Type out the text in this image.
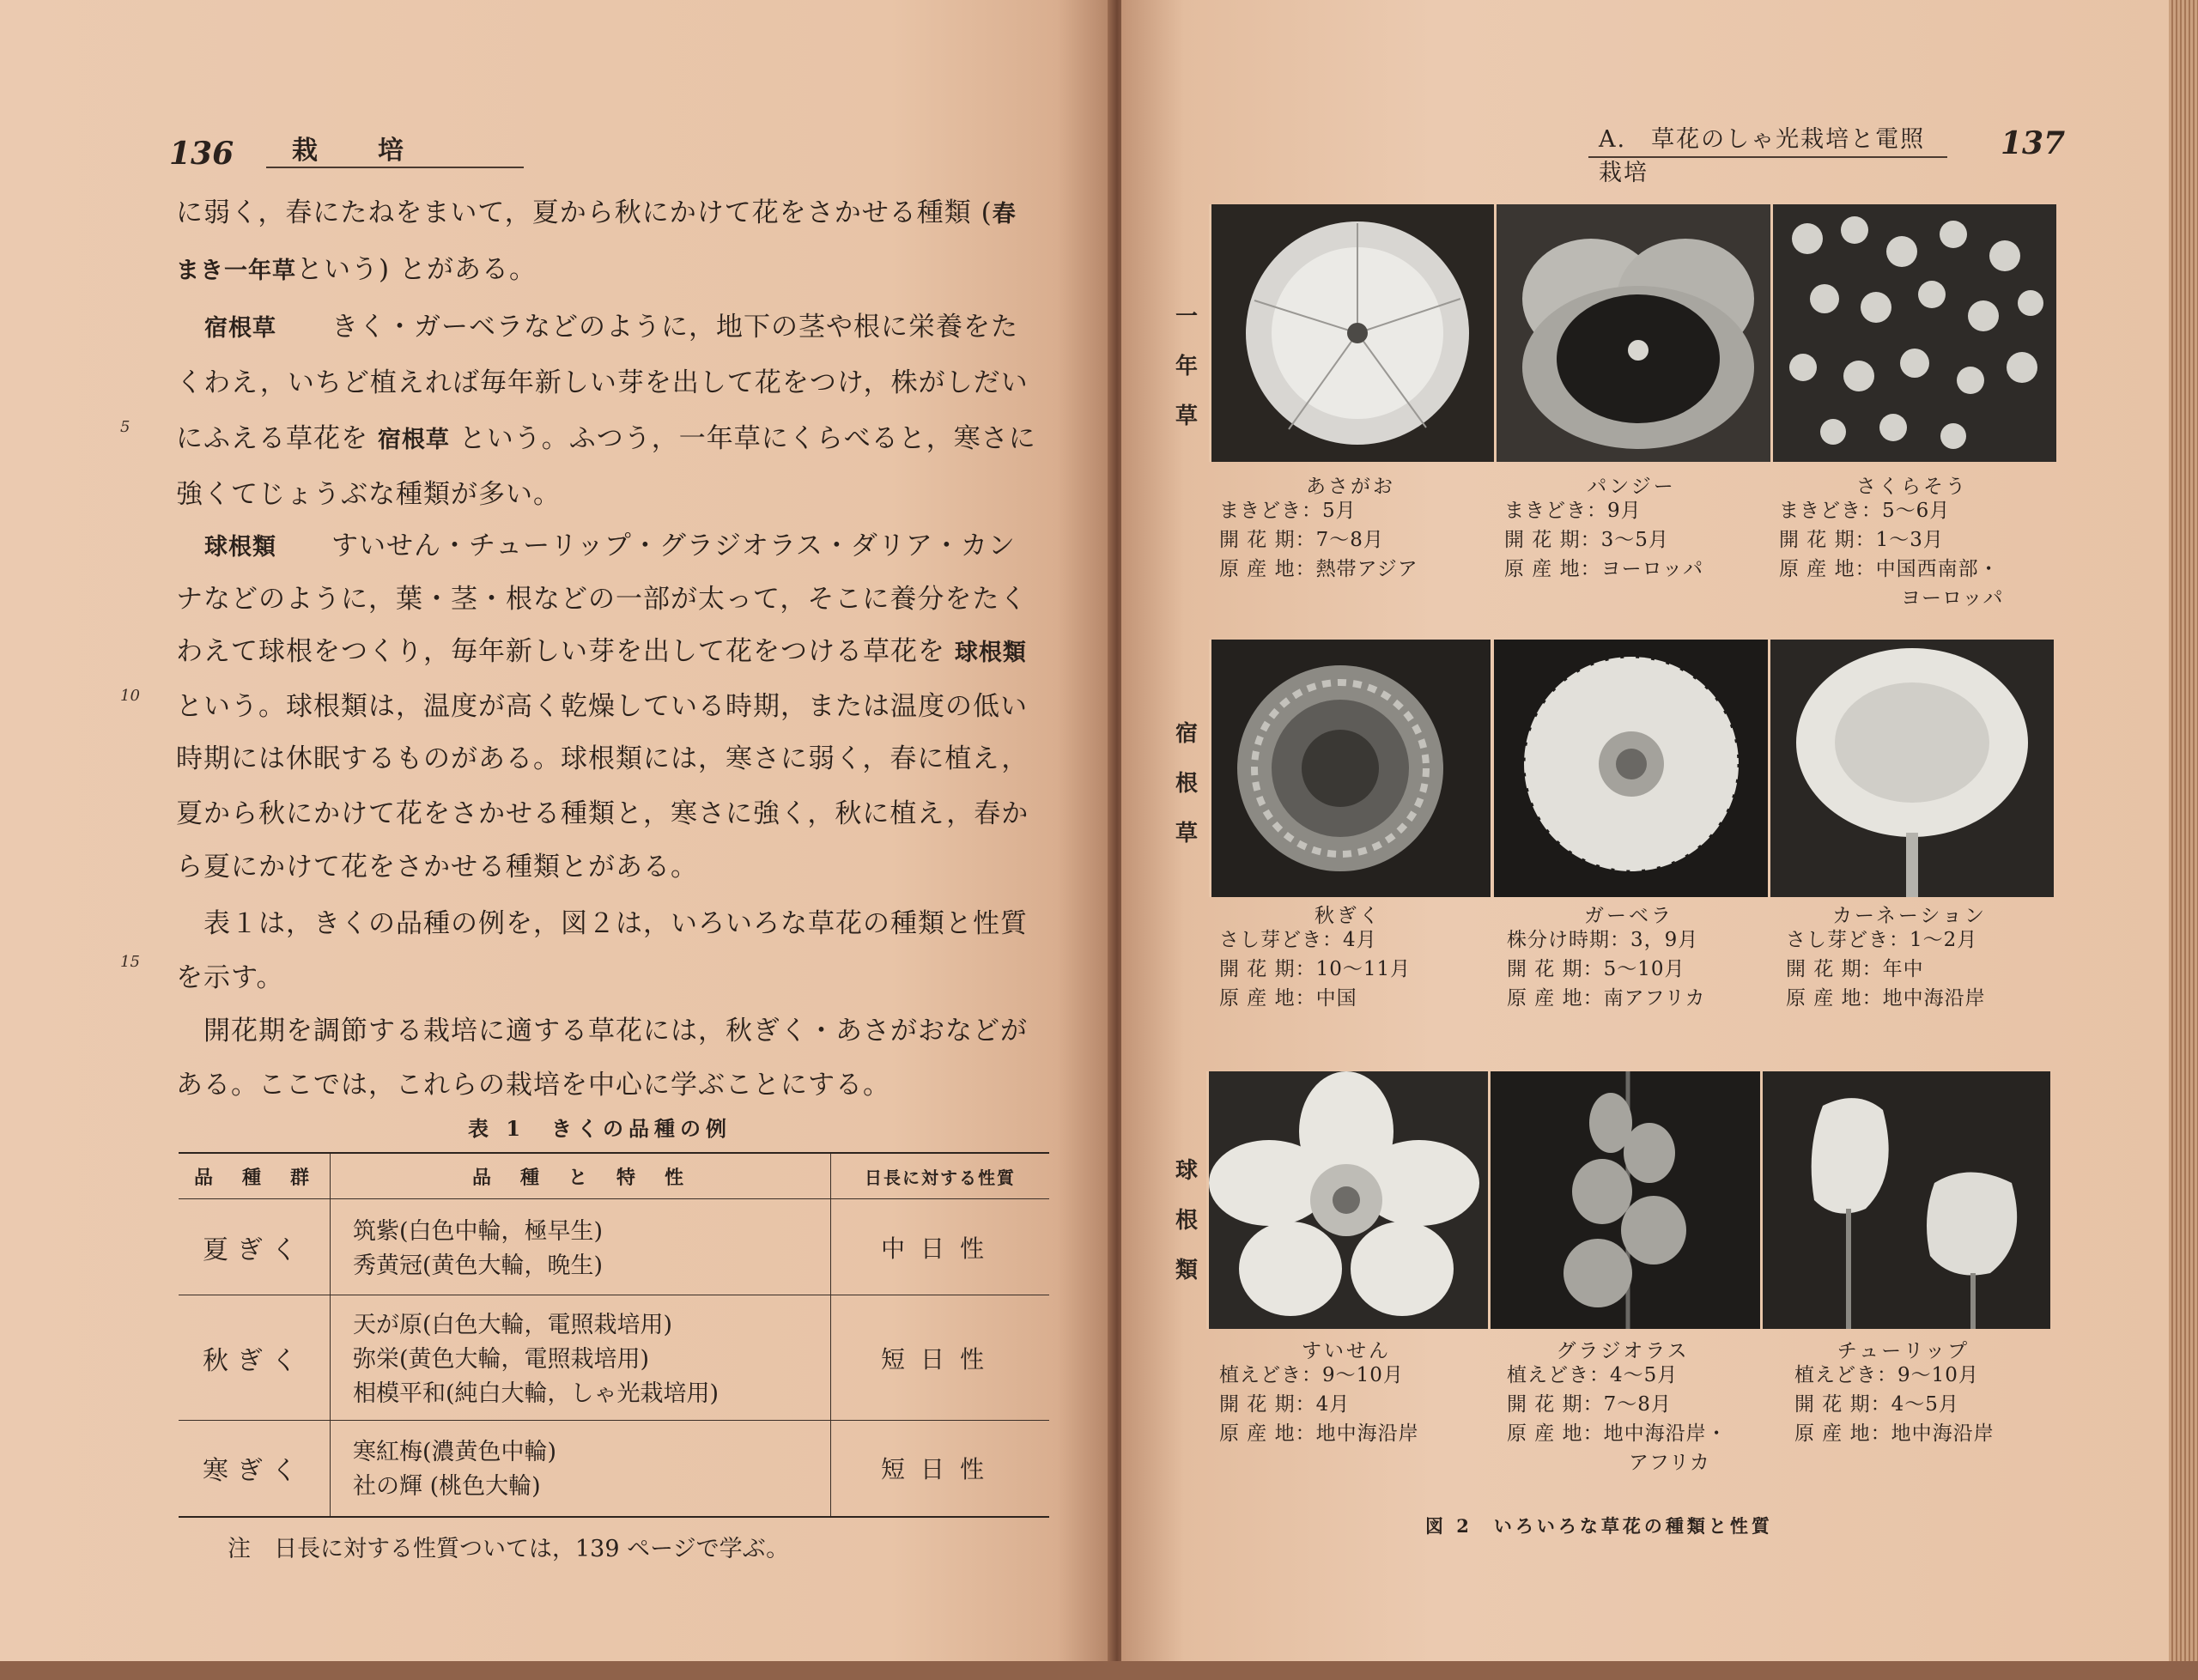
136	栽　培
に弱く，春にたねをまいて，夏から秋にかけて花をさかせる種類 (春
まき一年草という) とがある。
宿根草　　きく・ガーベラなどのように，地下の茎や根に栄養をた
くわえ，いちど植えれば毎年新しい芽を出して花をつけ，株がしだい
にふえる草花を 宿根草 という。ふつう，一年草にくらべると，寒さに
強くてじょうぶな種類が多い。
球根類　　すいせん・チューリップ・グラジオラス・ダリア・カン
ナなどのように，葉・茎・根などの一部が太って，そこに養分をたく
わえて球根をつくり，毎年新しい芽を出して花をつける草花を 球根類
という。球根類は，温度が高く乾燥している時期，または温度の低い
時期には休眠するものがある。球根類には，寒さに弱く，春に植え，
夏から秋にかけて花をさかせる種類と，寒さに強く，秋に植え，春か
ら夏にかけて花をさかせる種類とがある。
　表１は，きくの品種の例を，図２は，いろいろな草花の種類と性質
を示す。
　開花期を調節する栽培に適する草花には，秋ぎく・あさがおなどが
ある。ここでは，これらの栽培を中心に学ぶことにする。
5
10
15
表 1　きくの品種の例
品　種　群	品　種　と　特　性	日長に対する性質
夏ぎく	筑紫(白色中輪，極早生)
秀黄冠(黄色大輪，晩生)	中日性
秋ぎく	天が原(白色大輪，電照栽培用)
弥栄(黄色大輪，電照栽培用)
相模平和(純白大輪，しゃ光栽培用)	短日性
寒ぎく	寒紅梅(濃黄色中輪)
社の輝 (桃色大輪)	短日性
注　日長に対する性質ついては，139 ページで学ぶ。
A.　草花のしゃ光栽培と電照栽培
137
一年草
宿根草
球根類
あさがお
まきどき：5月
開 花 期：7～8月
原 産 地：熱帯アジア
パンジー
まきどき：9月
開 花 期：3～5月
原 産 地：ヨーロッパ
さくらそう
まきどき：5～6月
開 花 期：1～3月
原 産 地：中国西南部・
ヨーロッパ
秋ぎく
さし芽どき：4月
開 花 期：10～11月
原 産 地：中国
ガーベラ
株分け時期：3，9月
開 花 期：5～10月
原 産 地：南アフリカ
カーネーション
さし芽どき：1～2月
開 花 期：年中
原 産 地：地中海沿岸
すいせん
植えどき：9～10月
開 花 期：4月
原 産 地：地中海沿岸
グラジオラス
植えどき：4～5月
開 花 期：7～8月
原 産 地：地中海沿岸・
アフリカ
チューリップ
植えどき：9～10月
開 花 期：4～5月
原 産 地：地中海沿岸
図 2　いろいろな草花の種類と性質
